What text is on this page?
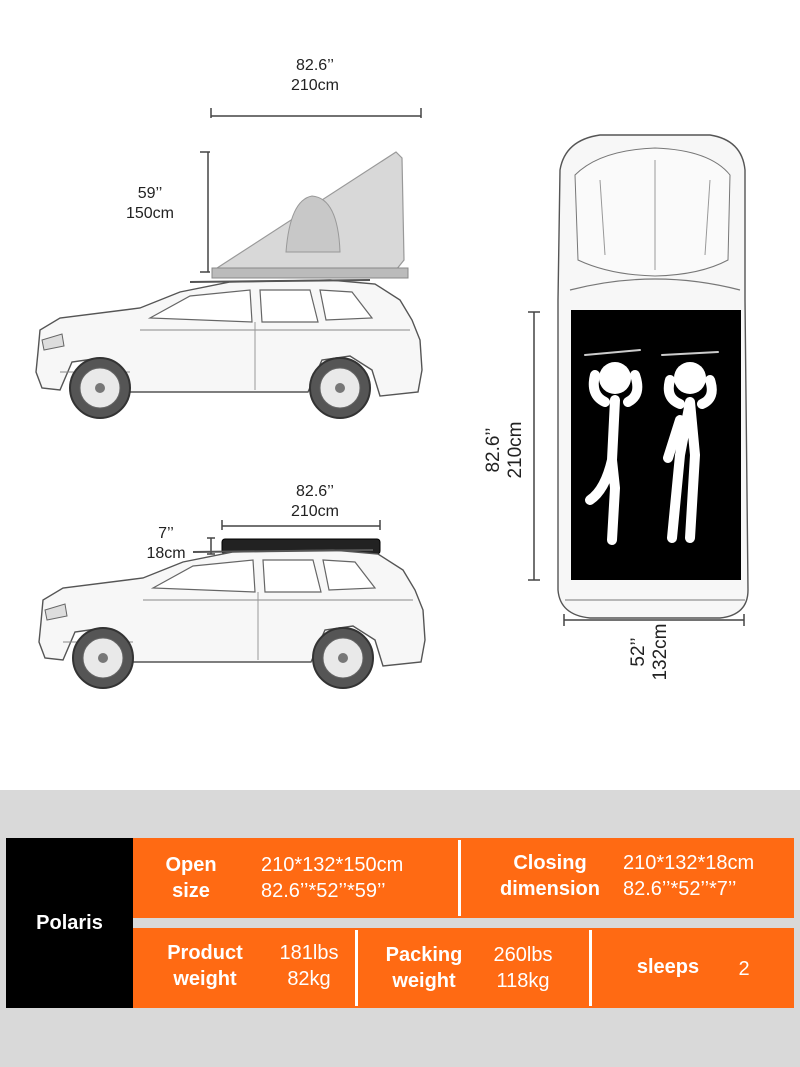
82.6’’
210cm
59’’
150cm
82.6’’
210cm
7’’
18cm
82.6’’ 210cm
52’’ 132cm
Polaris
Open
size
210*132*150cm
82.6’’*52’’*59’’
Closing
dimension
210*132*18cm
82.6’’*52’’*7’’
Product
weight
181lbs
82kg
Packing
weight
260lbs
118kg
sleeps	2
